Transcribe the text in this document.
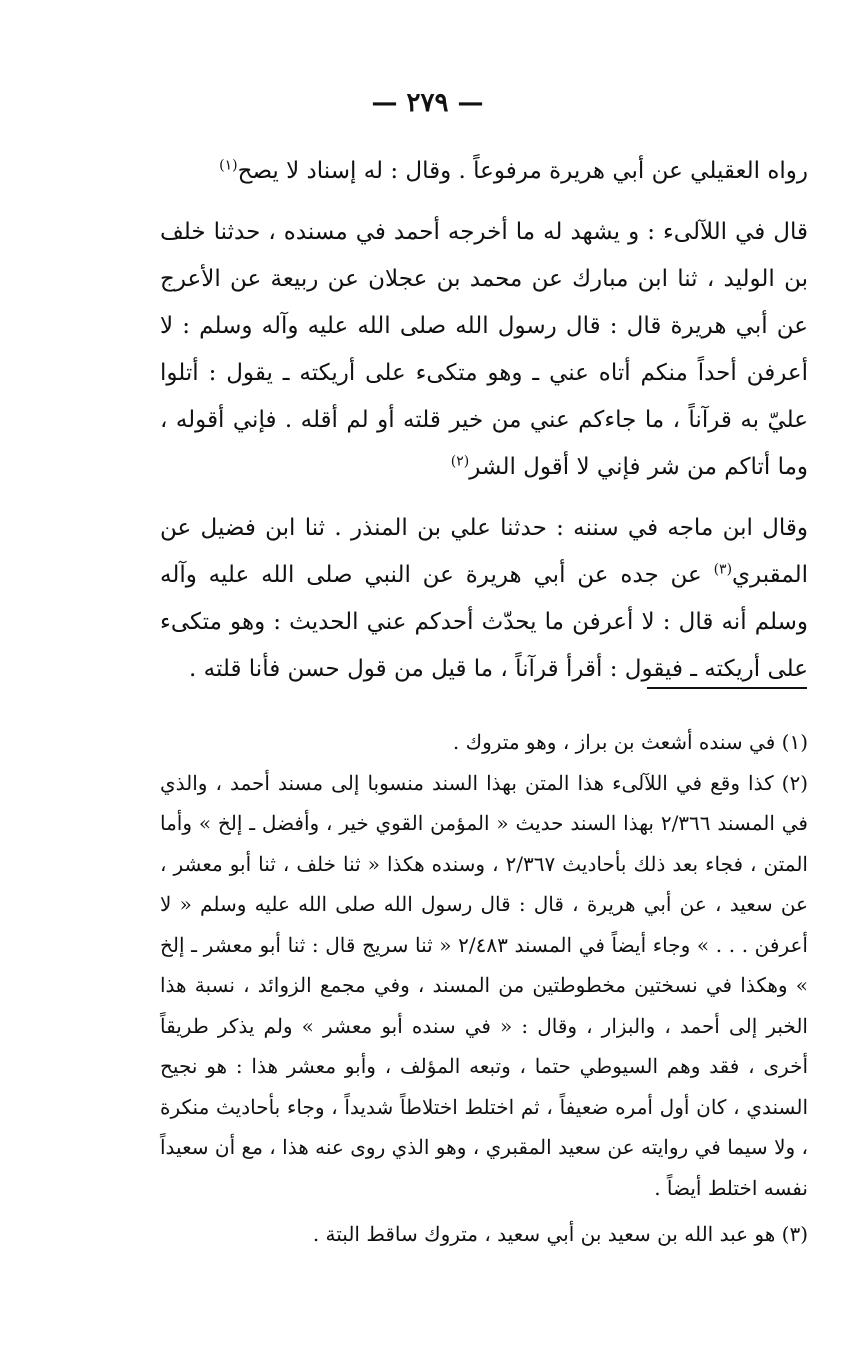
— ٢٧٩ —

رواه العقيلي عن أبي هريرة مرفوعاً . وقال : له إسناد لا يصح$^{(١)}$

قال في اللآلىء : و يشهد له ما أخرجه أحمد في مسنده ، حدثنا خلف بن الوليد ، ثنا ابن مبارك عن محمد بن عجلان عن ربيعة عن الأعرج عن أبي هريرة قال : قال رسول الله صلى الله عليه وآله وسلم : لا أعرفن أحداً منكم أتاه عني ـ وهو متكىء على أريكته ـ يقول : أتلوا عليّ به قرآناً ، ما جاءكم عني من خير قلته أو لم أقله . فإني أقوله ، وما أتاكم من شر فإني لا أقول الشر$^{(٢)}$

وقال ابن ماجه في سننه : حدثنا علي بن المنذر . ثنا ابن فضيل عن المقبري$^{(٣)}$ عن جده عن أبي هريرة عن النبي صلى الله عليه وآله وسلم أنه قال : لا أعرفن ما يحدّث أحدكم عني الحديث : وهو متكىء على أريكته ـ فيقول : أقرأ قرآناً ، ما قيل من قول حسن فأنا قلته .

(١) في سنده أشعث بن براز ، وهو متروك .

(٢) كذا وقع في اللآلىء هذا المتن بهذا السند منسوبا إلى مسند أحمد ، والذي في المسند ٢/٣٦٦ بهذا السند حديث « المؤمن القوي خير ، وأفضل ـ إلخ » وأما المتن ، فجاء بعد ذلك بأحاديث ٢/٣٦٧ ، وسنده هكذا « ثنا خلف ، ثنا أبو معشر ، عن سعيد ، عن أبي هريرة ، قال : قال رسول الله صلى الله عليه وسلم « لا أعرفن . . . » وجاء أيضاً في المسند ٢/٤٨٣ « ثنا سريج قال : ثنا أبو معشر ـ إلخ » وهكذا في نسختين مخطوطتين من المسند ، وفي مجمع الزوائد ، نسبة هذا الخبر إلى أحمد ، والبزار ، وقال : « في سنده أبو معشر » ولم يذكر طريقاً أخرى ، فقد وهم السيوطي حتما ، وتبعه المؤلف ، وأبو معشر هذا : هو نجيح السندي ، كان أول أمره ضعيفاً ، ثم اختلط اختلاطاً شديداً ، وجاء بأحاديث منكرة ، ولا سيما في روايته عن سعيد المقبري ، وهو الذي روى عنه هذا ، مع أن سعيداً نفسه اختلط أيضاً .

(٣) هو عبد الله بن سعيد بن أبي سعيد ، متروك ساقط البتة .
